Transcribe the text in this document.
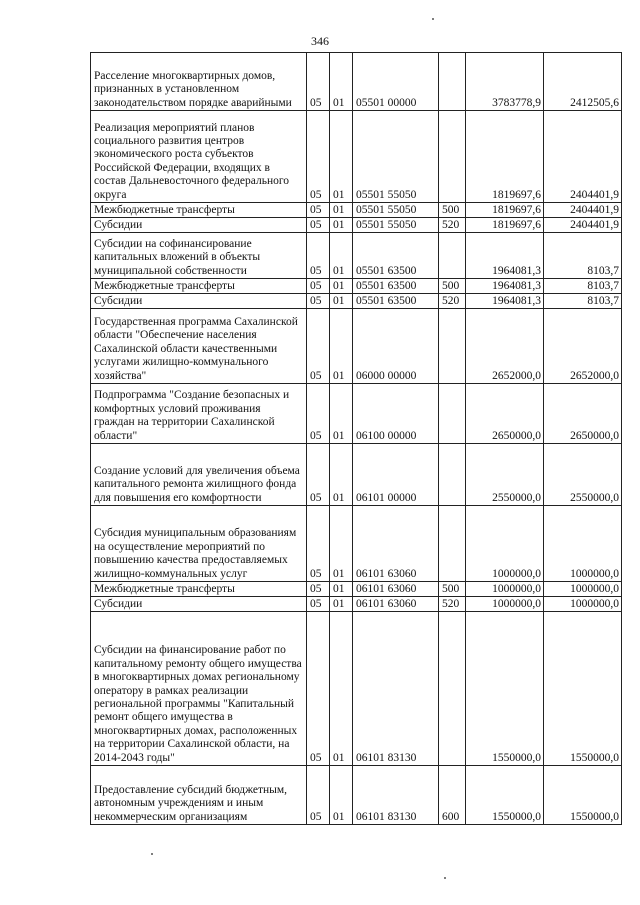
346
Расселение многоквартирных домов, признанных в установленном законодательством порядке аварийными	05	01	05501 00000		3783778,9	2412505,6
Реализация мероприятий планов социального развития центров экономического роста субъектов Российской Федерации, входящих в состав Дальневосточного федерального округа	05	01	05501 55050		1819697,6	2404401,9
Межбюджетные трансферты	05	01	05501 55050	500	1819697,6	2404401,9
Субсидии	05	01	05501 55050	520	1819697,6	2404401,9
Субсидии на софинансирование капитальных вложений в объекты муниципальной собственности	05	01	05501 63500		1964081,3	8103,7
Межбюджетные трансферты	05	01	05501 63500	500	1964081,3	8103,7
Субсидии	05	01	05501 63500	520	1964081,3	8103,7
Государственная программа Сахалинской области "Обеспечение населения Сахалинской области качественными услугами жилищно-коммунального хозяйства"	05	01	06000 00000		2652000,0	2652000,0
Подпрограмма "Создание безопасных и комфортных условий проживания граждан на территории Сахалинской области"	05	01	06100 00000		2650000,0	2650000,0
Создание условий для увеличения объема капитального ремонта жилищного фонда для повышения его комфортности	05	01	06101 00000		2550000,0	2550000,0
Субсидия муниципальным образованиям на осуществление мероприятий по повышению качества предоставляемых жилищно-коммунальных услуг	05	01	06101 63060		1000000,0	1000000,0
Межбюджетные трансферты	05	01	06101 63060	500	1000000,0	1000000,0
Субсидии	05	01	06101 63060	520	1000000,0	1000000,0
Субсидии на финансирование работ по капитальному ремонту общего имущества в многоквартирных домах региональному оператору в рамках реализации региональной программы "Капитальный ремонт общего имущества в многоквартирных домах, расположенных на территории Сахалинской области, на 2014-2043 годы"	05	01	06101 83130		1550000,0	1550000,0
Предоставление субсидий бюджетным, автономным учреждениям и иным некоммерческим организациям	05	01	06101 83130	600	1550000,0	1550000,0
